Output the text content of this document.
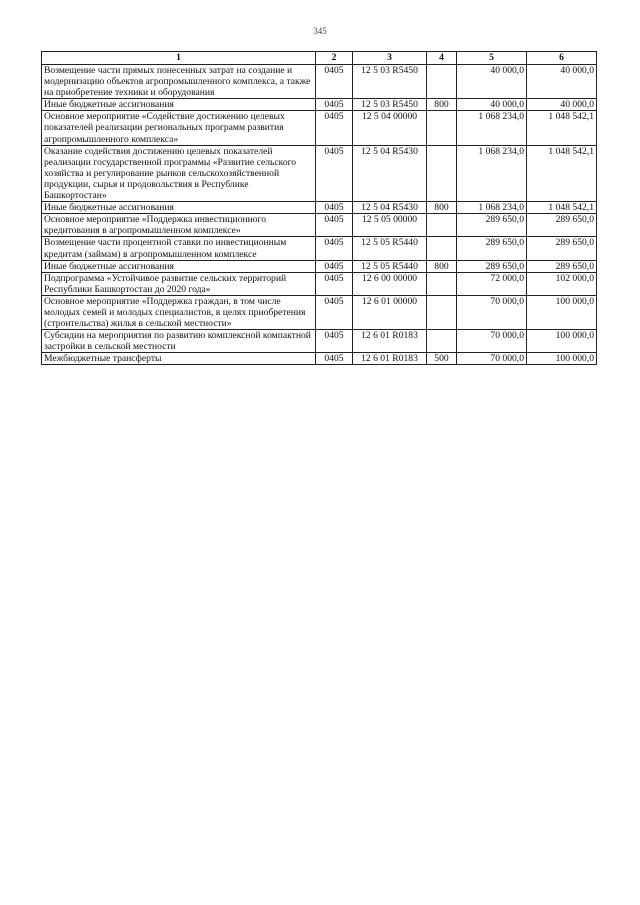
345
1	2	3	4	5	6
Возмещение части прямых понесенных затрат на создание и модернизацию объектов агропромышленного комплекса, а также на приобретение техники и оборудования	0405	12 5 03 R5450		40 000,0	40 000,0
Иные бюджетные ассигнования	0405	12 5 03 R5450	800	40 000,0	40 000,0
Основное мероприятие «Содействие достижению целевых показателей реализации региональных программ развития агропромышленного комплекса»	0405	12 5 04 00000		1 068 234,0	1 048 542,1
Оказание содействия достижению целевых показателей реализации государственной программы «Развитие сельского хозяйства и регулирование рынков сельскохозяйственной продукции, сырья и продовольствия в Республике Башкортостан»	0405	12 5 04 R5430		1 068 234,0	1 048 542,1
Иные бюджетные ассигнования	0405	12 5 04 R5430	800	1 068 234,0	1 048 542,1
Основное мероприятие «Поддержка инвестиционного кредитования в агропромышленном комплексе»	0405	12 5 05 00000		289 650,0	289 650,0
Возмещение части процентной ставки по инвестиционным кредитам (займам) в агропромышленном комплексе	0405	12 5 05 R5440		289 650,0	289 650,0
Иные бюджетные ассигнования	0405	12 5 05 R5440	800	289 650,0	289 650,0
Подпрограмма «Устойчивое развитие сельских территорий Республики Башкортостан до 2020 года»	0405	12 6 00 00000		72 000,0	102 000,0
Основное мероприятие «Поддержка граждан, в том числе молодых семей и молодых специалистов, в целях приобретения (строительства) жилья в сельской местности»	0405	12 6 01 00000		70 000,0	100 000,0
Субсидии на мероприятия по развитию комплексной компактной застройки в сельской местности	0405	12 6 01 R0183		70 000,0	100 000,0
Межбюджетные трансферты	0405	12 6 01 R0183	500	70 000,0	100 000,0
